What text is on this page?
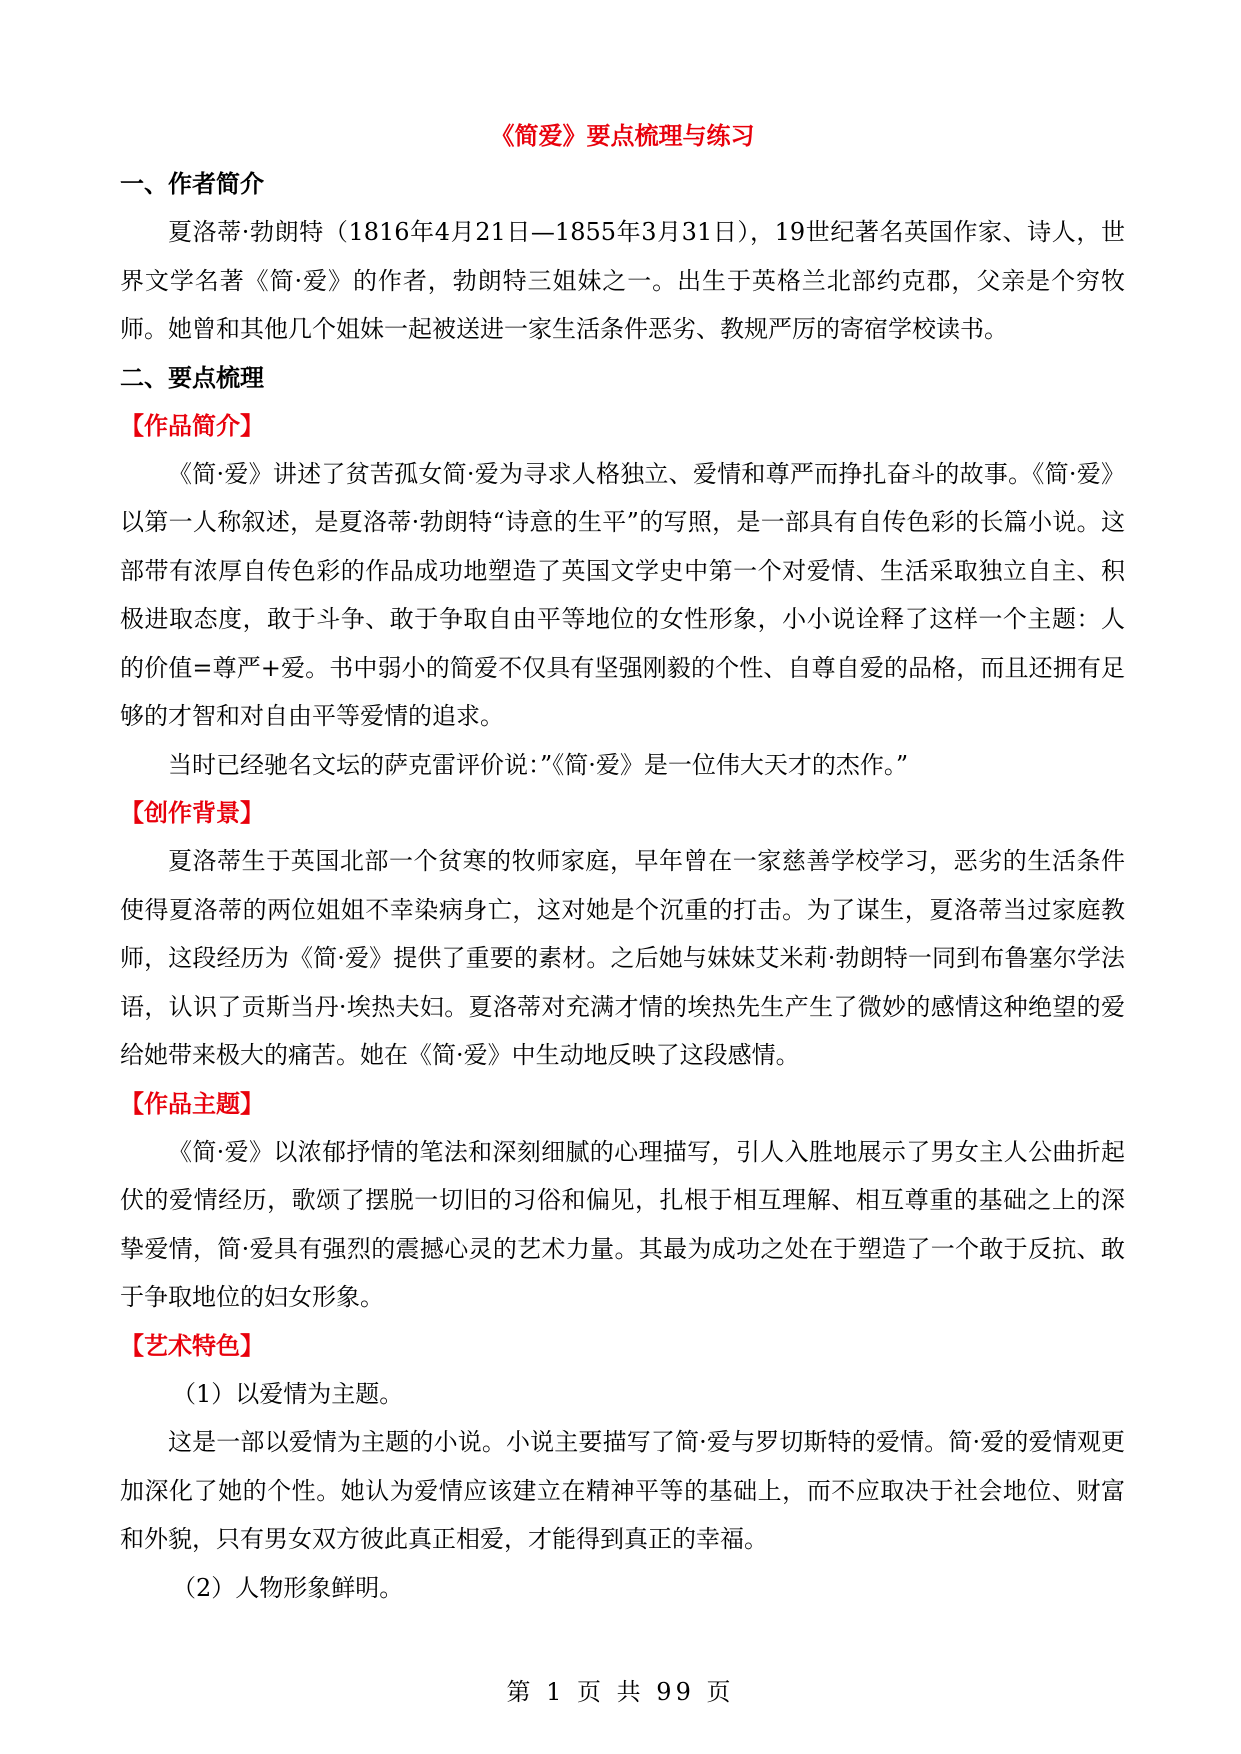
《简爱》要点梳理与练习
一、作者简介

夏洛蒂·勃朗特（1816年4月21日—1855年3月31日），19世纪著名英国作家、诗人，世界文学名著《简·爱》的作者，勃朗特三姐妹之一。出生于英格兰北部约克郡，父亲是个穷牧师。她曾和其他几个姐妹一起被送进一家生活条件恶劣、教规严厉的寄宿学校读书。

二、要点梳理
【作品简介】

《简·爱》讲述了贫苦孤女简·爱为寻求人格独立、爱情和尊严而挣扎奋斗的故事。《简·爱》以第一人称叙述，是夏洛蒂·勃朗特“诗意的生平”的写照，是一部具有自传色彩的长篇小说。这部带有浓厚自传色彩的作品成功地塑造了英国文学史中第一个对爱情、生活采取独立自主、积极进取态度，敢于斗争、敢于争取自由平等地位的女性形象，小小说诠释了这样一个主题：人的价值=尊严+爱。书中弱小的简爱不仅具有坚强刚毅的个性、自尊自爱的品格，而且还拥有足够的才智和对自由平等爱情的追求。

当时已经驰名文坛的萨克雷评价说：”《简·爱》是一位伟大天才的杰作。”

【创作背景】

夏洛蒂生于英国北部一个贫寒的牧师家庭，早年曾在一家慈善学校学习，恶劣的生活条件使得夏洛蒂的两位姐姐不幸染病身亡，这对她是个沉重的打击。为了谋生，夏洛蒂当过家庭教师，这段经历为《简·爱》提供了重要的素材。之后她与妹妹艾米莉·勃朗特一同到布鲁塞尔学法语，认识了贡斯当丹·埃热夫妇。夏洛蒂对充满才情的埃热先生产生了微妙的感情这种绝望的爱给她带来极大的痛苦。她在《简·爱》中生动地反映了这段感情。

【作品主题】

《简·爱》以浓郁抒情的笔法和深刻细腻的心理描写，引人入胜地展示了男女主人公曲折起伏的爱情经历，歌颂了摆脱一切旧的习俗和偏见，扎根于相互理解、相互尊重的基础之上的深挚爱情，简·爱具有强烈的震撼心灵的艺术力量。其最为成功之处在于塑造了一个敢于反抗、敢于争取地位的妇女形象。

【艺术特色】

（1）以爱情为主题。

这是一部以爱情为主题的小说。小说主要描写了简·爱与罗切斯特的爱情。简·爱的爱情观更加深化了她的个性。她认为爱情应该建立在精神平等的基础上，而不应取决于社会地位、财富和外貌，只有男女双方彼此真正相爱，才能得到真正的幸福。

（2）人物形象鲜明。

第 1 页 共 99 页
